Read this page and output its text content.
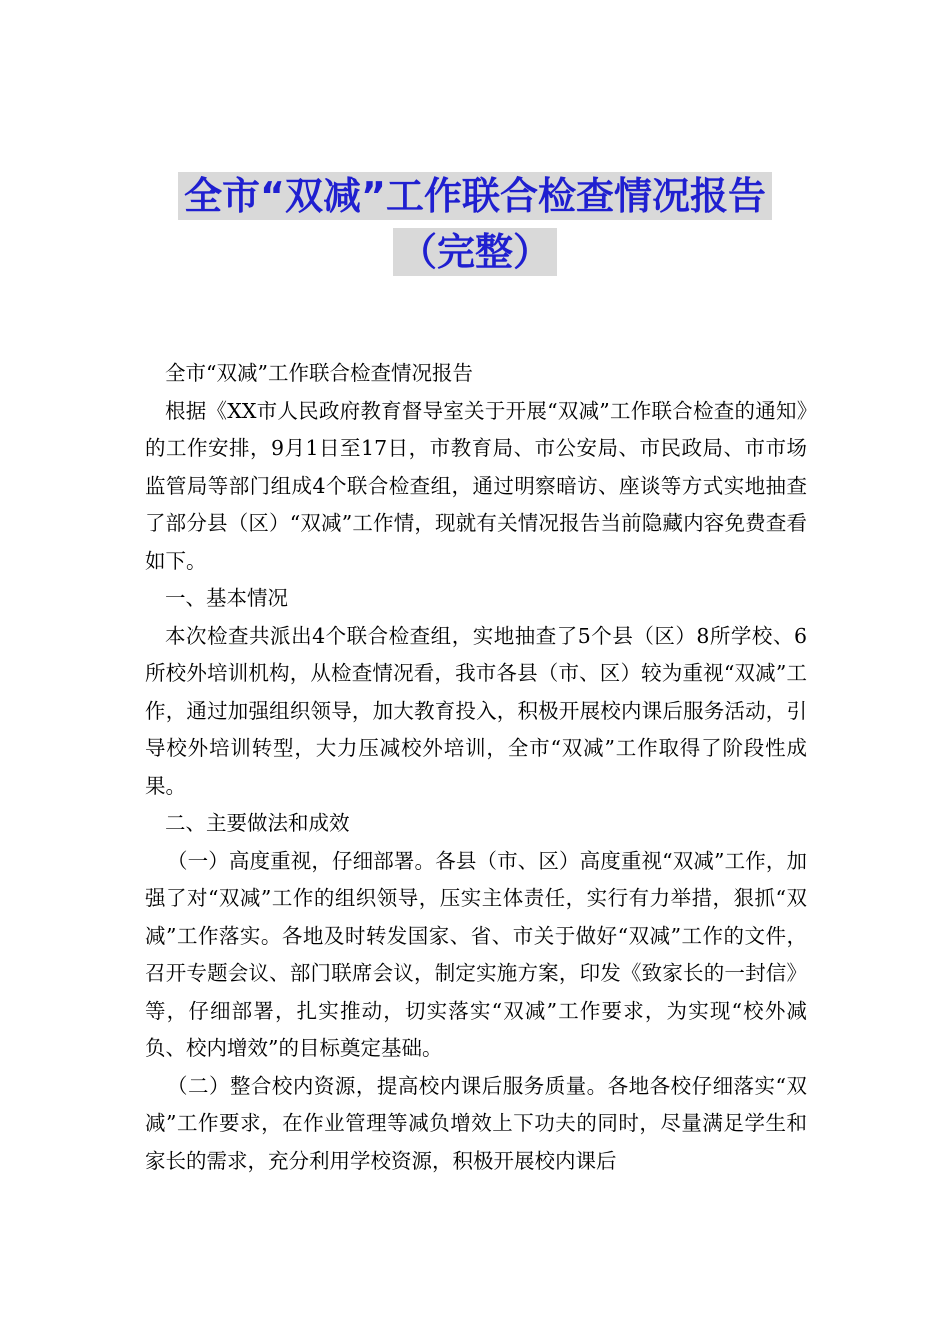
全市“双减”工作联合检查情况报告
（完整）

全市“双减”工作联合检查情况报告

根据《XX市人民政府教育督导室关于开展“双减”工作联合检查的通知》的工作安排，9月1日至17日，市教育局、市公安局、市民政局、市市场监管局等部门组成4个联合检查组，通过明察暗访、座谈等方式实地抽查了部分县（区）“双减”工作情，现就有关情况报告当前隐藏内容免费查看如下。

一、基本情况

本次检查共派出4个联合检查组，实地抽查了5个县（区）8所学校、6所校外培训机构，从检查情况看，我市各县（市、区）较为重视“双减”工作，通过加强组织领导，加大教育投入，积极开展校内课后服务活动，引导校外培训转型，大力压减校外培训，全市“双减”工作取得了阶段性成果。

二、主要做法和成效

（一）高度重视，仔细部署。各县（市、区）高度重视“双减”工作，加强了对“双减”工作的组织领导，压实主体责任，实行有力举措，狠抓“双减”工作落实。各地及时转发国家、省、市关于做好“双减”工作的文件，召开专题会议、部门联席会议，制定实施方案，印发《致家长的一封信》等，仔细部署，扎实推动，切实落实“双减”工作要求，为实现“校外减负、校内增效”的目标奠定基础。

（二）整合校内资源，提高校内课后服务质量。各地各校仔细落实“双减”工作要求，在作业管理等减负增效上下功夫的同时，尽量满足学生和家长的需求，充分利用学校资源，积极开展校内课后
